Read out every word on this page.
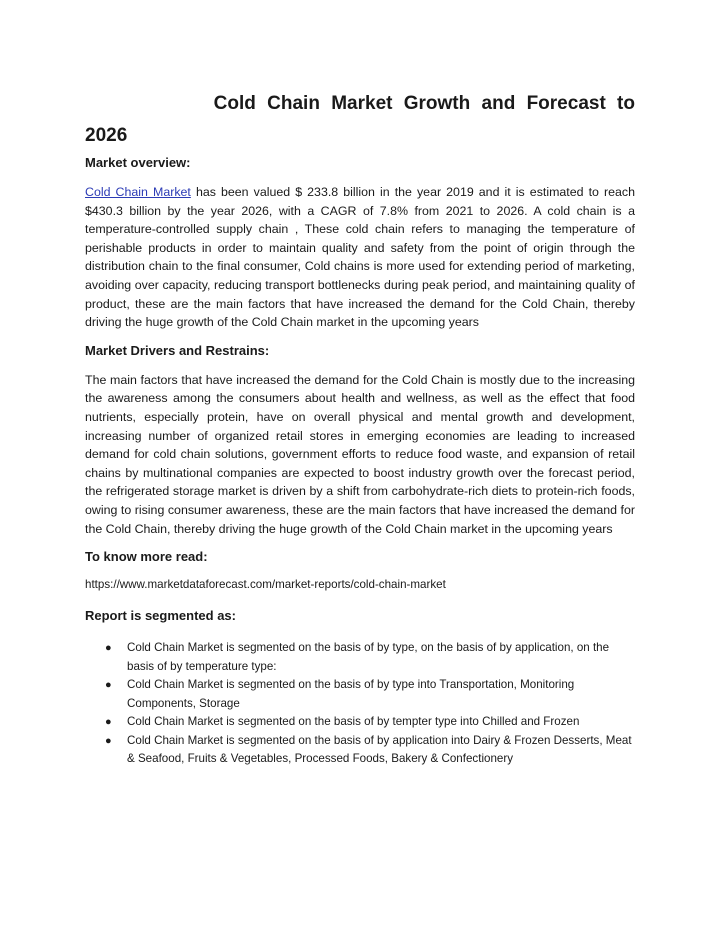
Cold Chain Market Growth and Forecast to
2026

Market overview:

Cold Chain Market has been valued $ 233.8 billion in the year 2019 and it is estimated to reach $430.3 billion by the year 2026, with a CAGR of 7.8% from 2021 to 2026. A cold chain is a temperature-controlled supply chain , These cold chain refers to managing the temperature of perishable products in order to maintain quality and safety from the point of origin through the distribution chain to the final consumer, Cold chains is more used for extending period of marketing, avoiding over capacity, reducing transport bottlenecks during peak period, and maintaining quality of product, these are the main factors that have increased the demand for the Cold Chain, thereby driving the huge growth of the Cold Chain market in the upcoming years

Market Drivers and Restrains:

The main factors that have increased the demand for the Cold Chain is mostly due to the increasing the awareness among the consumers about health and wellness, as well as the effect that food nutrients, especially protein, have on overall physical and mental growth and development, increasing number of organized retail stores in emerging economies are leading to increased demand for cold chain solutions, government efforts to reduce food waste, and expansion of retail chains by multinational companies are expected to boost industry growth over the forecast period, the refrigerated storage market is driven by a shift from carbohydrate-rich diets to protein-rich foods, owing to rising consumer awareness, these are the main factors that have increased the demand for the Cold Chain, thereby driving the huge growth of the Cold Chain market in the upcoming years

To know more read:

https://www.marketdataforecast.com/market-reports/cold-chain-market

Report is segmented as:

● Cold Chain Market is segmented on the basis of by type, on the basis of by application, on the basis of by temperature type:
● Cold Chain Market is segmented on the basis of by type into Transportation, Monitoring Components, Storage
● Cold Chain Market is segmented on the basis of by tempter type into Chilled and Frozen
● Cold Chain Market is segmented on the basis of by application into Dairy & Frozen Desserts, Meat & Seafood, Fruits & Vegetables, Processed Foods, Bakery & Confectionery
